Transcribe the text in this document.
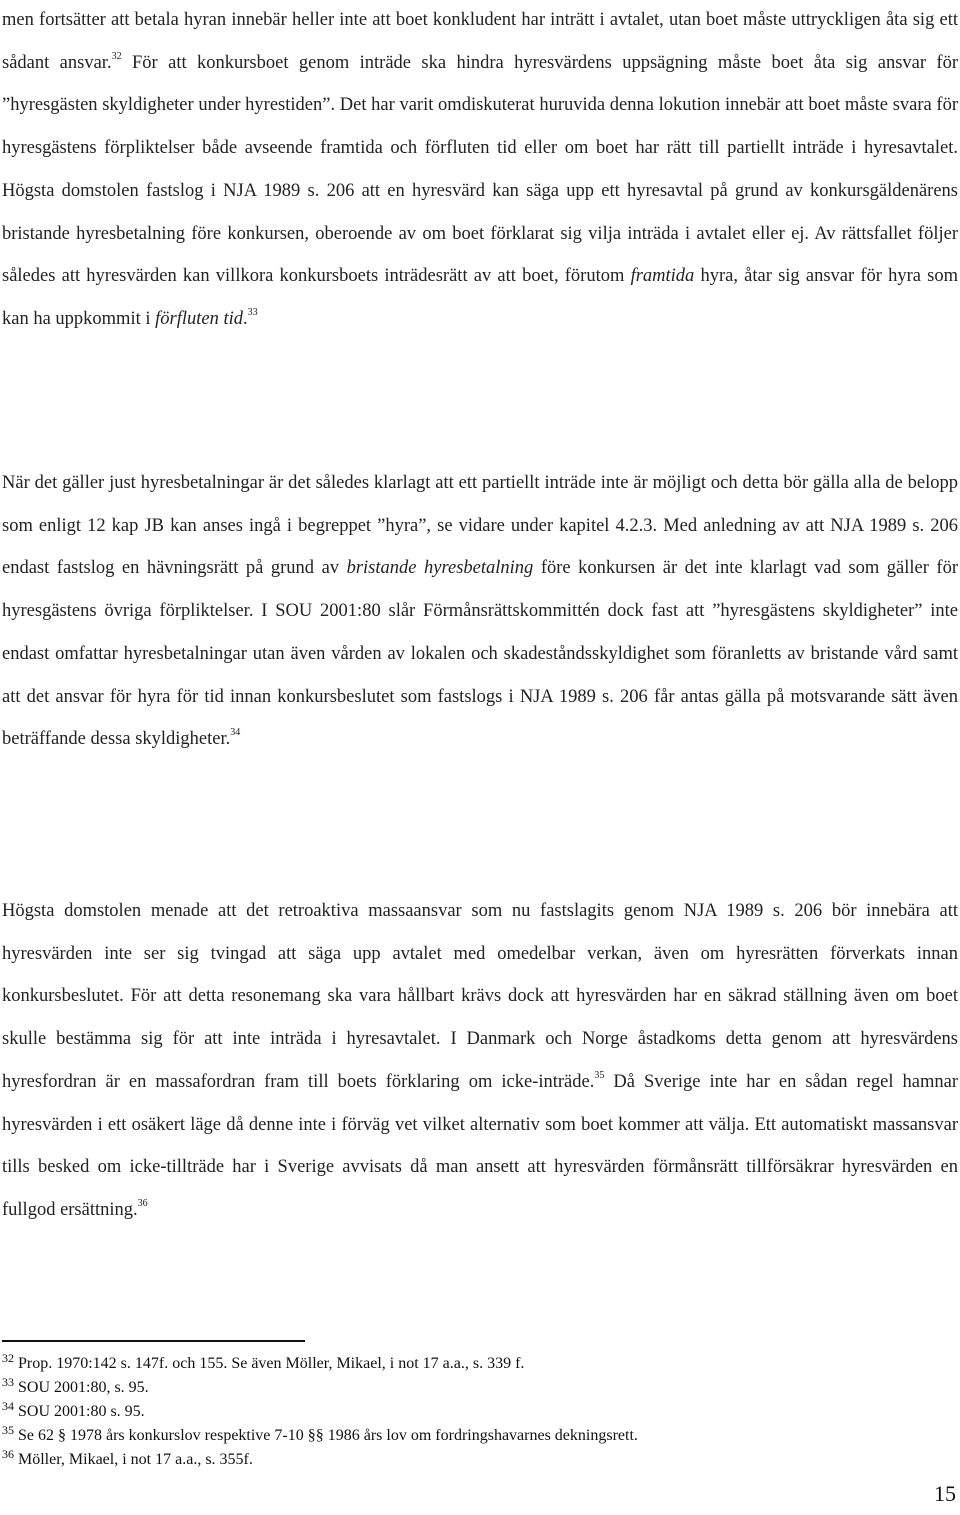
men fortsätter att betala hyran innebär heller inte att boet konkludent har inträtt i avtalet, utan boet måste uttryckligen åta sig ett sådant ansvar.$^{32}$ För att konkursboet genom inträde ska hindra hyresvärdens uppsägning måste boet åta sig ansvar för ”hyresgästen skyldigheter under hyrestiden”. Det har varit omdiskuterat huruvida denna lokution innebär att boet måste svara för hyresgästens förpliktelser både avseende framtida och förfluten tid eller om boet har rätt till partiellt inträde i hyresavtalet. Högsta domstolen fastslog i NJA 1989 s. 206 att en hyresvärd kan säga upp ett hyresavtal på grund av konkursgäldenärens bristande hyresbetalning före konkursen, oberoende av om boet förklarat sig vilja inträda i avtalet eller ej. Av rättsfallet följer således att hyresvärden kan villkora konkursboets inträdesrätt av att boet, förutom framtida hyra, åtar sig ansvar för hyra som kan ha uppkommit i förfluten tid.$^{33}$

När det gäller just hyresbetalningar är det således klarlagt att ett partiellt inträde inte är möjligt och detta bör gälla alla de belopp som enligt 12 kap JB kan anses ingå i begreppet ”hyra”, se vidare under kapitel 4.2.3. Med anledning av att NJA 1989 s. 206 endast fastslog en hävningsrätt på grund av bristande hyresbetalning före konkursen är det inte klarlagt vad som gäller för hyresgästens övriga förpliktelser. I SOU 2001:80 slår Förmånsrättskommittén dock fast att ”hyresgästens skyldigheter” inte endast omfattar hyresbetalningar utan även vården av lokalen och skadeståndsskyldighet som föranletts av bristande vård samt att det ansvar för hyra för tid innan konkursbeslutet som fastslogs i NJA 1989 s. 206 får antas gälla på motsvarande sätt även beträffande dessa skyldigheter.$^{34}$

Högsta domstolen menade att det retroaktiva massaansvar som nu fastslagits genom NJA 1989 s. 206 bör innebära att hyresvärden inte ser sig tvingad att säga upp avtalet med omedelbar verkan, även om hyresrätten förverkats innan konkursbeslutet. För att detta resonemang ska vara hållbart krävs dock att hyresvärden har en säkrad ställning även om boet skulle bestämma sig för att inte inträda i hyresavtalet. I Danmark och Norge åstadkoms detta genom att hyresvärdens hyresfordran är en massafordran fram till boets förklaring om icke-inträde.$^{35}$ Då Sverige inte har en sådan regel hamnar hyresvärden i ett osäkert läge då denne inte i förväg vet vilket alternativ som boet kommer att välja. Ett automatiskt massansvar tills besked om icke-tillträde har i Sverige avvisats då man ansett att hyresvärden förmånsrätt tillförsäkrar hyresvärden en fullgod ersättning.$^{36}$

$^{32}$ Prop. 1970:142 s. 147f. och 155. Se även Möller, Mikael, i not 17 a.a., s. 339 f.
$^{33}$ SOU 2001:80, s. 95.
$^{34}$ SOU 2001:80 s. 95.
$^{35}$ Se 62 § 1978 års konkurslov respektive 7-10 §§ 1986 års lov om fordringshavarnes dekningsrett.
$^{36}$ Möller, Mikael, i not 17 a.a., s. 355f.
15
